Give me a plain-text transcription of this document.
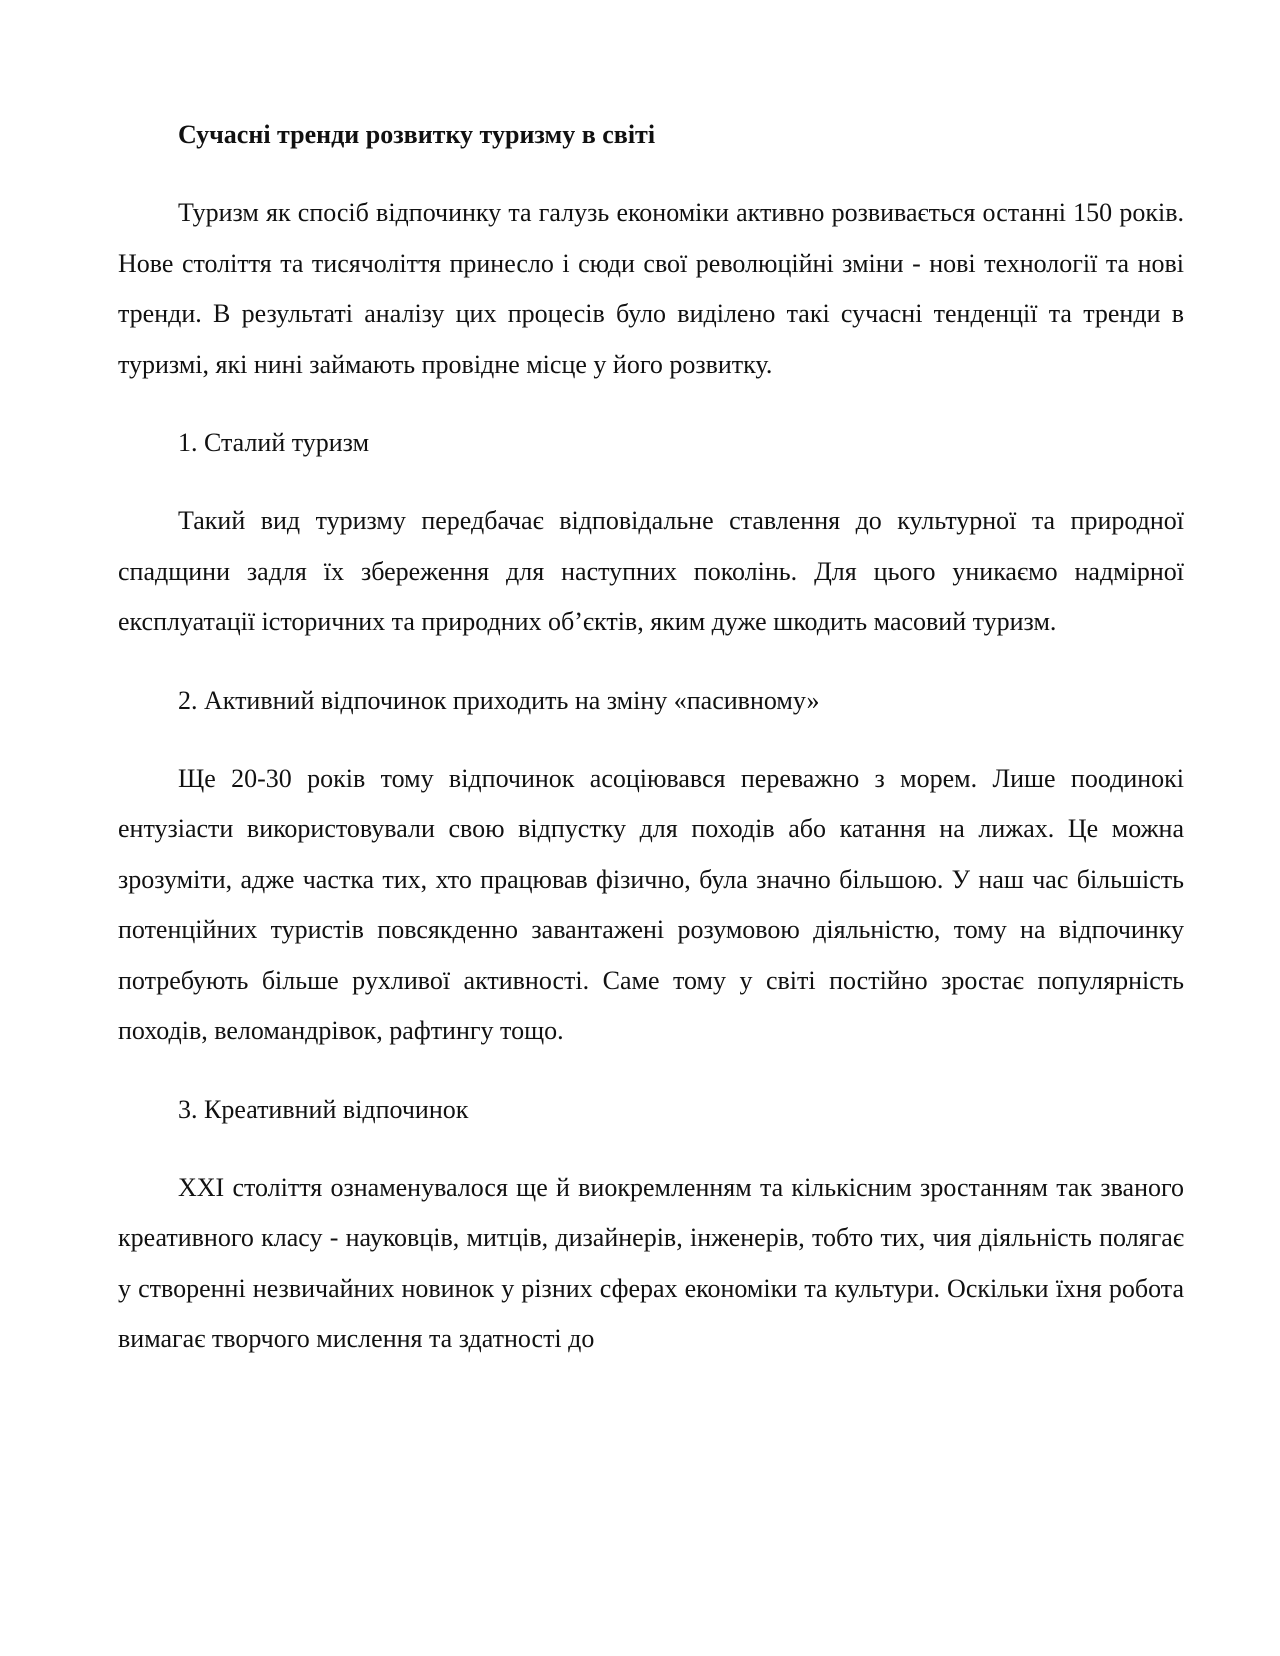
Сучасні тренди розвитку туризму в світі

Туризм як спосіб відпочинку та галузь економіки активно розвивається останні 150 років. Нове століття та тисячоліття принесло і сюди свої революційні зміни - нові технології та нові тренди. В результаті аналізу цих процесів було виділено такі сучасні тенденції та тренди в туризмі, які нині займають провідне місце у його розвитку.

1. Сталий туризм

Такий вид туризму передбачає відповідальне ставлення до культурної та природної спадщини задля їх збереження для наступних поколінь. Для цього уникаємо надмірної експлуатації історичних та природних об’єктів, яким дуже шкодить масовий туризм.

2. Активний відпочинок приходить на зміну «пасивному»

Ще 20-30 років тому відпочинок асоціювався переважно з морем. Лише поодинокі ентузіасти використовували свою відпустку для походів або катання на лижах. Це можна зрозуміти, адже частка тих, хто працював фізично, була значно більшою. У наш час більшість потенційних туристів повсякденно завантажені розумовою діяльністю, тому на відпочинку потребують більше рухливої активності. Саме тому у світі постійно зростає популярність походів, веломандрівок, рафтингу тощо.

3. Креативний відпочинок

XXI століття ознаменувалося ще й виокремленням та кількісним зростанням так званого креативного класу - науковців, митців, дизайнерів, інженерів, тобто тих, чия діяльність полягає у створенні незвичайних новинок у різних сферах економіки та культури. Оскільки їхня робота вимагає творчого мислення та здатності до
